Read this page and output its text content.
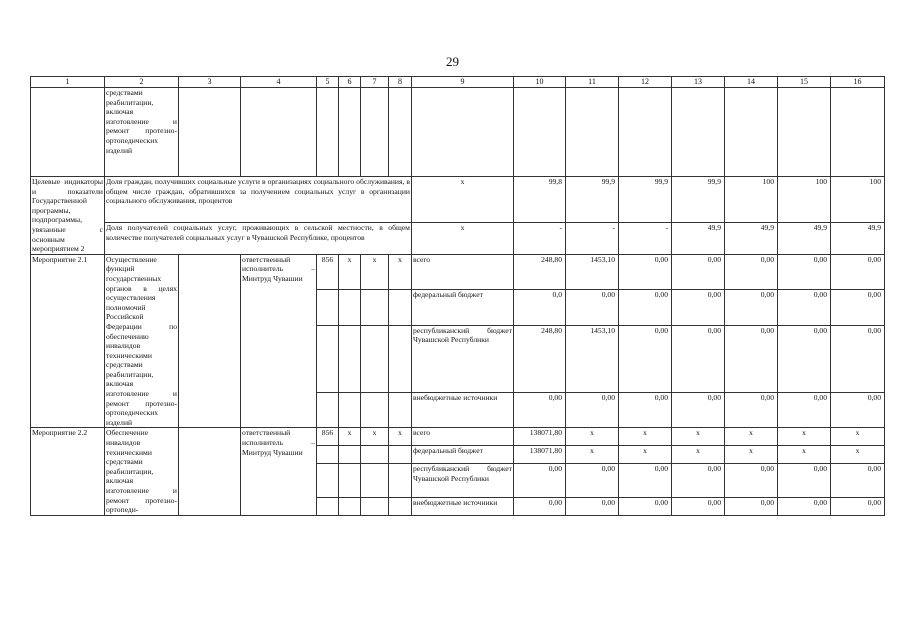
29
1	2	3	4	5	6	7	8	9	10	11	12	13	14	15	16
	средствами реабилитации, включая изготовление и ремонт протезно-ортопедических изделий														
Целевые индикаторы и показатели Государственной программы, подпрограммы, увязанные с основным мероприятием 2	Доля граждан, получивших социальные услуги в организациях социального обслуживания, в общем числе граждан, обратившихся за получением социальных услуг в организации социального обслуживания, процентов							x	99,8	99,9	99,9	99,9	100	100	100
	Доля получателей социальных услуг, проживающих в сельской местности, в общем количестве получателей социальных услуг в Чувашской Республике, процентов							x	-	-	-	49,9	49,9	49,9	49,9
Мероприятие 2.1	Осуществление функций государственных органов в целях осуществления полномочий Российской Федерации по обеспечению инвалидов техническими средствами реабилитации, включая изготовление и ремонт протезно-ортопедических изделий		ответственный исполнитель – Минтруд Чувашии	856	x	x	x	всего	248,80	1453,10	0,00	0,00	0,00	0,00	0,00
								федеральный бюджет	0,0	0,00	0,00	0,00	0,00	0,00	0,00
								республиканский бюджет Чувашской Республики	248,80	1453,10	0,00	0,00	0,00	0,00	0,00
								внебюджетные источники	0,00	0,00	0,00	0,00	0,00	0,00	0,00
Мероприятие 2.2	Обеспечение инвалидов техническими средствами реабилитации, включая изготовление и ремонт протезно-ортопеди-		ответственный исполнитель – Минтруд Чувашии	856	x	x	x	всего	138071,80	x	x	x	x	x	x
								федеральный бюджет	138071,80	x	x	x	x	x	x
								республиканский бюджет Чувашской Республики	0,00	0,00	0,00	0,00	0,00	0,00	0,00
								внебюджетные источники	0,00	0,00	0,00	0,00	0,00	0,00	0,00
